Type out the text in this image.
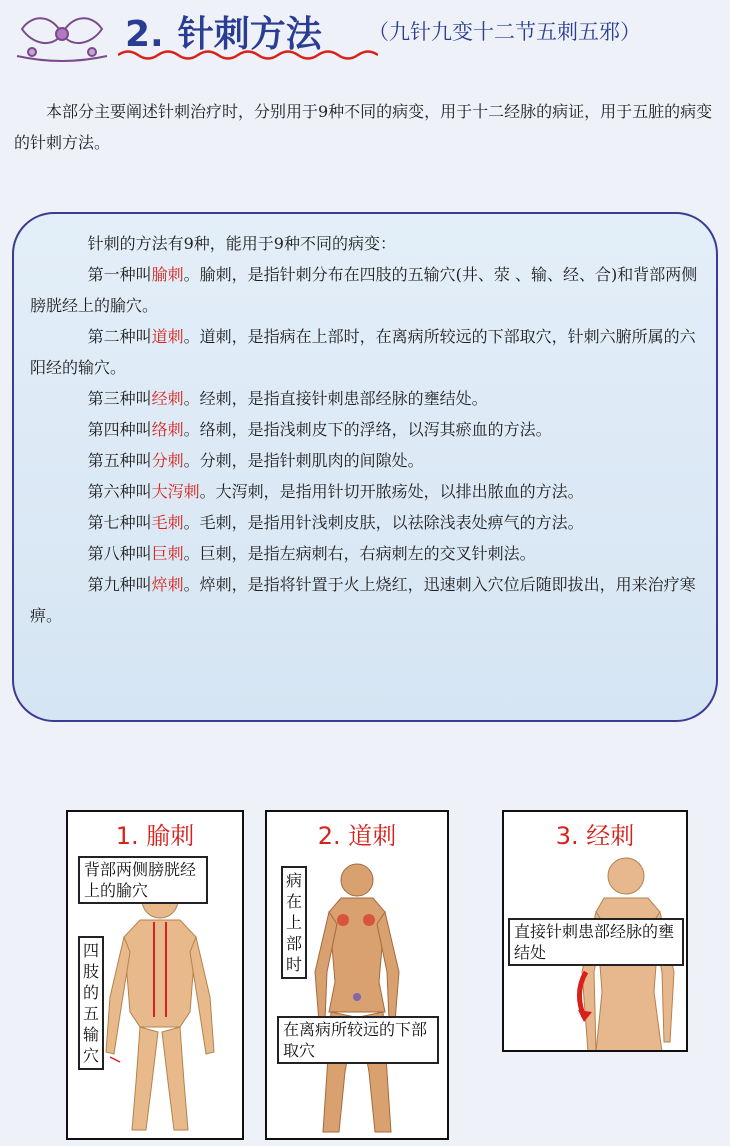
2. 针刺方法 （九针九变十二节五刺五邪）
本部分主要阐述针刺治疗时，分别用于9种不同的病变，用于十二经脉的病证，用于五脏的病变的针刺方法。

针刺的方法有9种，能用于9种不同的病变：

第一种叫腧刺。腧刺，是指针刺分布在四肢的五输穴(井、荥 、输、经、合)和背部两侧膀胱经上的腧穴。

第二种叫道刺。道刺，是指病在上部时，在离病所较远的下部取穴，针刺六腑所属的六阳经的输穴。

第三种叫经刺。经刺，是指直接针刺患部经脉的壅结处。

第四种叫络刺。络刺，是指浅刺皮下的浮络，以泻其瘀血的方法。

第五种叫分刺。分刺，是指针刺肌肉的间隙处。

第六种叫大泻刺。大泻刺，是指用针切开脓疡处，以排出脓血的方法。

第七种叫毛刺。毛刺，是指用针浅刺皮肤，以祛除浅表处痹气的方法。

第八种叫巨刺。巨刺，是指左病刺右，右病刺左的交叉针刺法。

第九种叫焠刺。焠刺，是指将针置于火上烧红，迅速刺入穴位后随即拔出，用来治疗寒痹。

1. 腧刺
背部两侧膀胱经上的腧穴
四肢的五输穴
2. 道刺
病在上部时
在离病所较远的下部取穴
3. 经刺
直接针刺患部经脉的壅结处
